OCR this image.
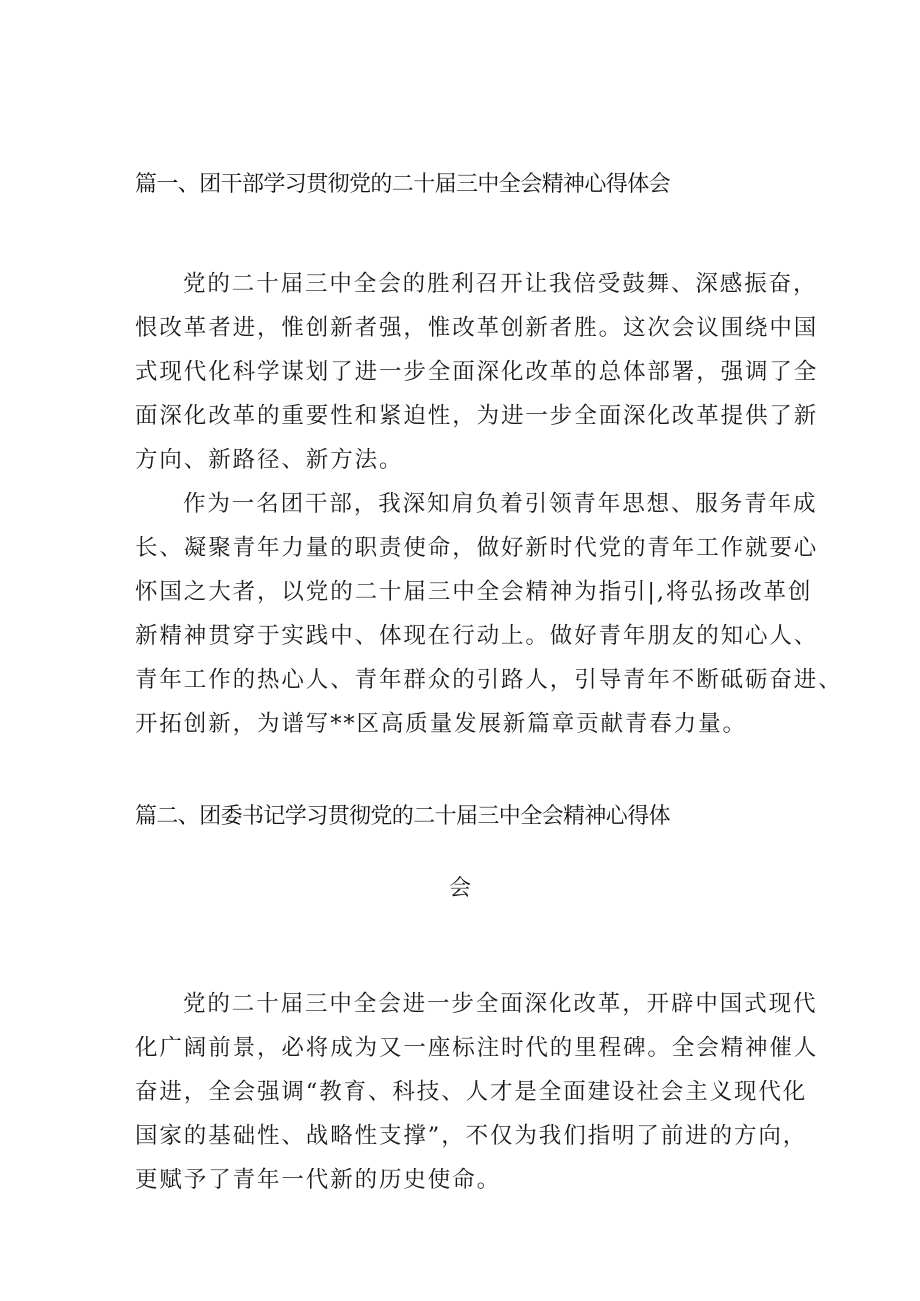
篇一、团干部学习贯彻党的二十届三中全会精神心得体会
党的二十届三中全会的胜利召开让我倍受鼓舞、深感振奋，
恨改革者进，惟创新者强，惟改革创新者胜。这次会议围绕中国
式现代化科学谋划了进一步全面深化改革的总体部署，强调了全
面深化改革的重要性和紧迫性，为进一步全面深化改革提供了新
方向、新路径、新方法。
作为一名团干部，我深知肩负着引领青年思想、服务青年成
长、凝聚青年力量的职责使命，做好新时代党的青年工作就要心
怀国之大者，以党的二十届三中全会精神为指引|,将弘扬改革创
新精神贯穿于实践中、体现在行动上。做好青年朋友的知心人、
青年工作的热心人、青年群众的引路人，引导青年不断砥砺奋进、
开拓创新，为谱写**区高质量发展新篇章贡献青春力量。
篇二、团委书记学习贯彻党的二十届三中全会精神心得体
会
党的二十届三中全会进一步全面深化改革，开辟中国式现代
化广阔前景，必将成为又一座标注时代的里程碑。全会精神催人
奋进，全会强调“教育、科技、人才是全面建设社会主义现代化
国家的基础性、战略性支撑”，不仅为我们指明了前进的方向，
更赋予了青年一代新的历史使命。
